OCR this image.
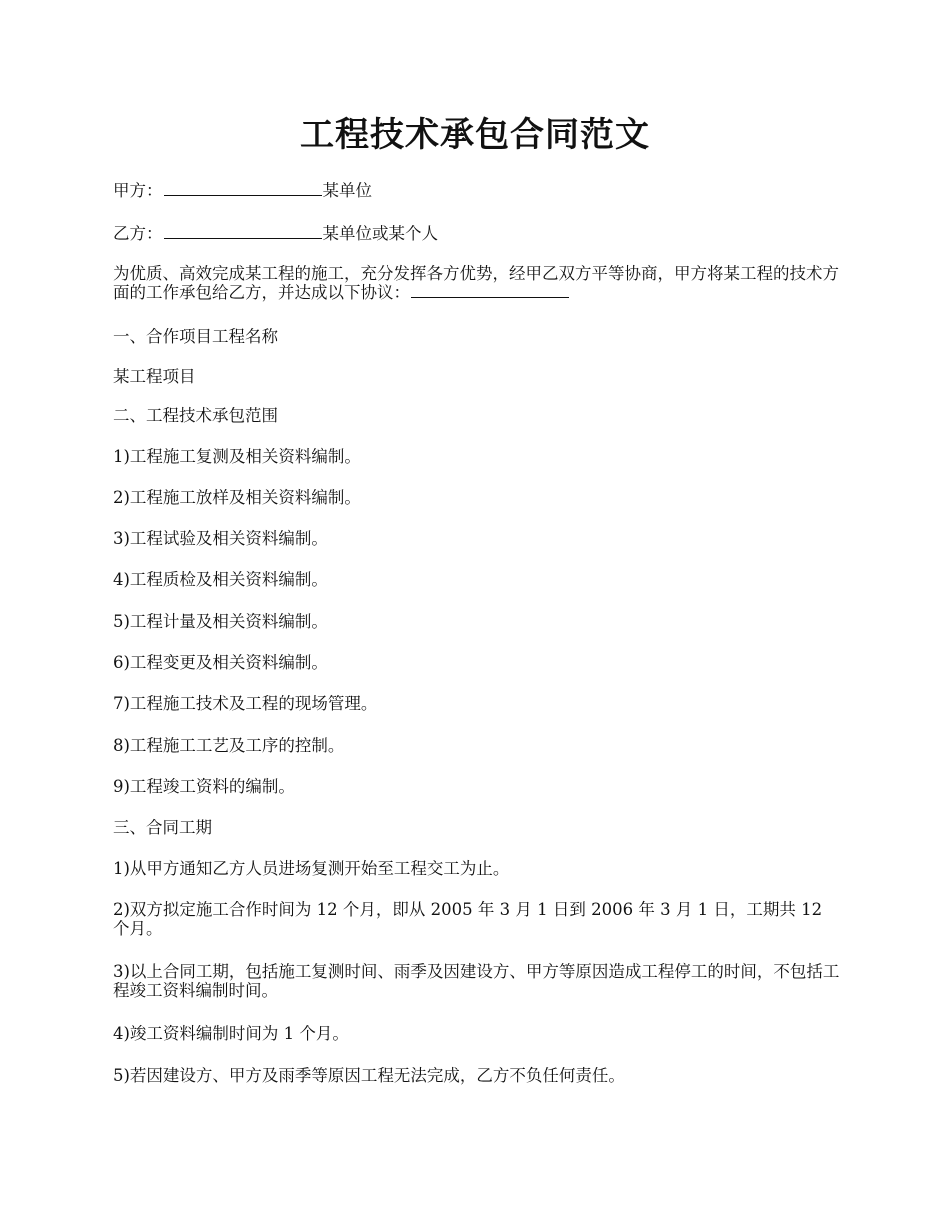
工程技术承包合同范文

甲方：	某单位

乙方：	某单位或某个人

为优质、高效完成某工程的施工，充分发挥各方优势，经甲乙双方平等协商，甲方将某工程的技术方面的工作承包给乙方，并达成以下协议：

一、合作项目工程名称

某工程项目

二、工程技术承包范围

1)工程施工复测及相关资料编制。

2)工程施工放样及相关资料编制。

3)工程试验及相关资料编制。

4)工程质检及相关资料编制。

5)工程计量及相关资料编制。

6)工程变更及相关资料编制。

7)工程施工技术及工程的现场管理。

8)工程施工工艺及工序的控制。

9)工程竣工资料的编制。

三、合同工期

1)从甲方通知乙方人员进场复测开始至工程交工为止。

2)双方拟定施工合作时间为 12 个月，即从 2005 年 3 月 1 日到 2006 年 3 月 1 日，工期共 12 个月。

3)以上合同工期，包括施工复测时间、雨季及因建设方、甲方等原因造成工程停工的时间，不包括工程竣工资料编制时间。

4)竣工资料编制时间为 1 个月。

5)若因建设方、甲方及雨季等原因工程无法完成，乙方不负任何责任。
